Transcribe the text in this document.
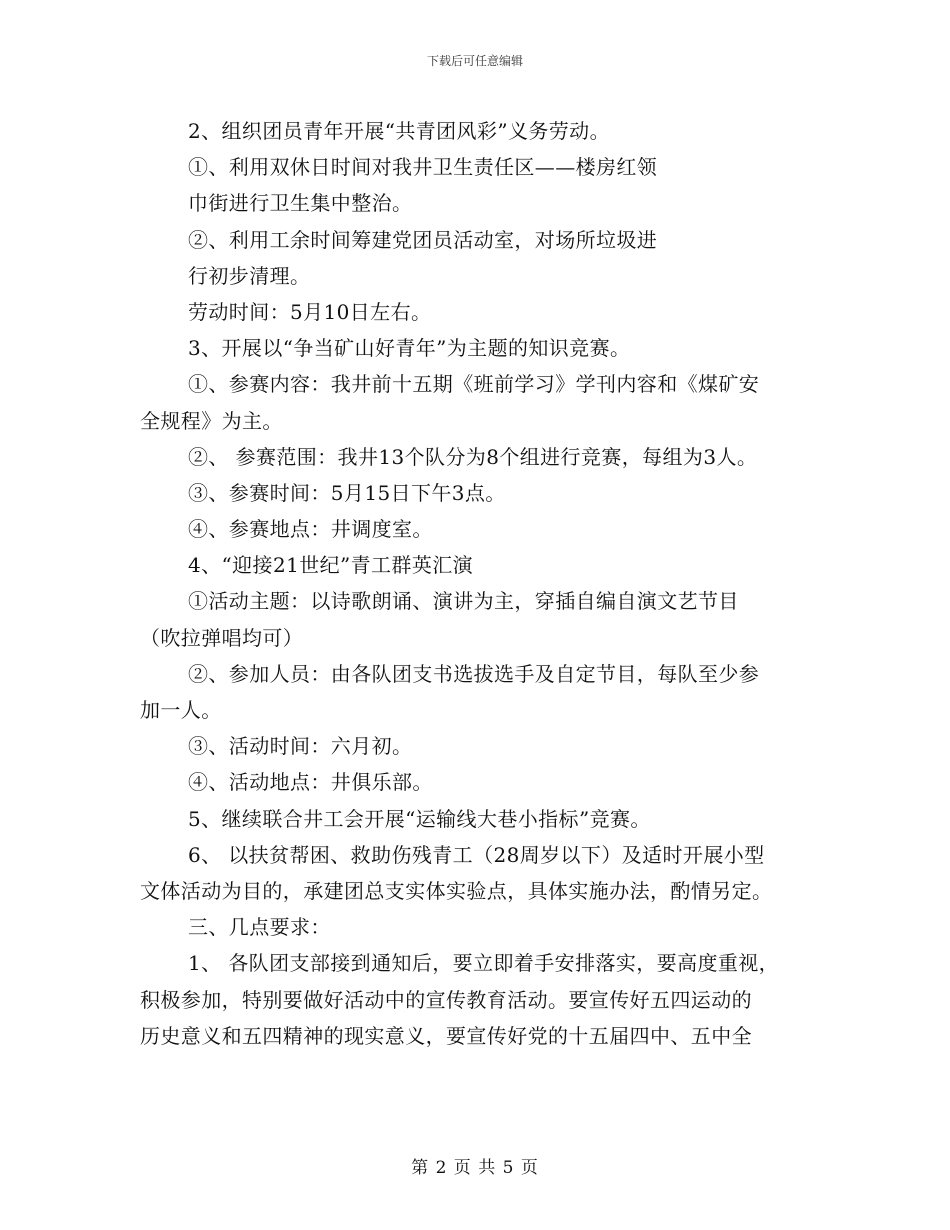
下载后可任意编辑
2、组织团员青年开展“共青团风彩”义务劳动。
①、利用双休日时间对我井卫生责任区——楼房红领
巾街进行卫生集中整治。
②、利用工余时间筹建党团员活动室，对场所垃圾进
行初步清理。
劳动时间：5月10日左右。
3、开展以“争当矿山好青年”为主题的知识竞赛。
①、参赛内容：我井前十五期《班前学习》学刊内容和《煤矿安
全规程》为主。
②、 参赛范围：我井13个队分为8个组进行竞赛，每组为3人。
③、参赛时间：5月15日下午3点。
④、参赛地点：井调度室。
4、“迎接21世纪”青工群英汇演
①活动主题：以诗歌朗诵、演讲为主，穿插自编自演文艺节目
（吹拉弹唱均可）
②、参加人员：由各队团支书选拔选手及自定节目，每队至少参
加一人。
③、活动时间：六月初。
④、活动地点：井俱乐部。
5、继续联合井工会开展“运输线大巷小指标”竞赛。
6、 以扶贫帮困、救助伤残青工（28周岁以下）及适时开展小型
文体活动为目的，承建团总支实体实验点，具体实施办法，酌情另定。
三、几点要求：
1、 各队团支部接到通知后，要立即着手安排落实，要高度重视，
积极参加，特别要做好活动中的宣传教育活动。要宣传好五四运动的
历史意义和五四精神的现实意义，要宣传好党的十五届四中、五中全
第 2 页 共 5 页
